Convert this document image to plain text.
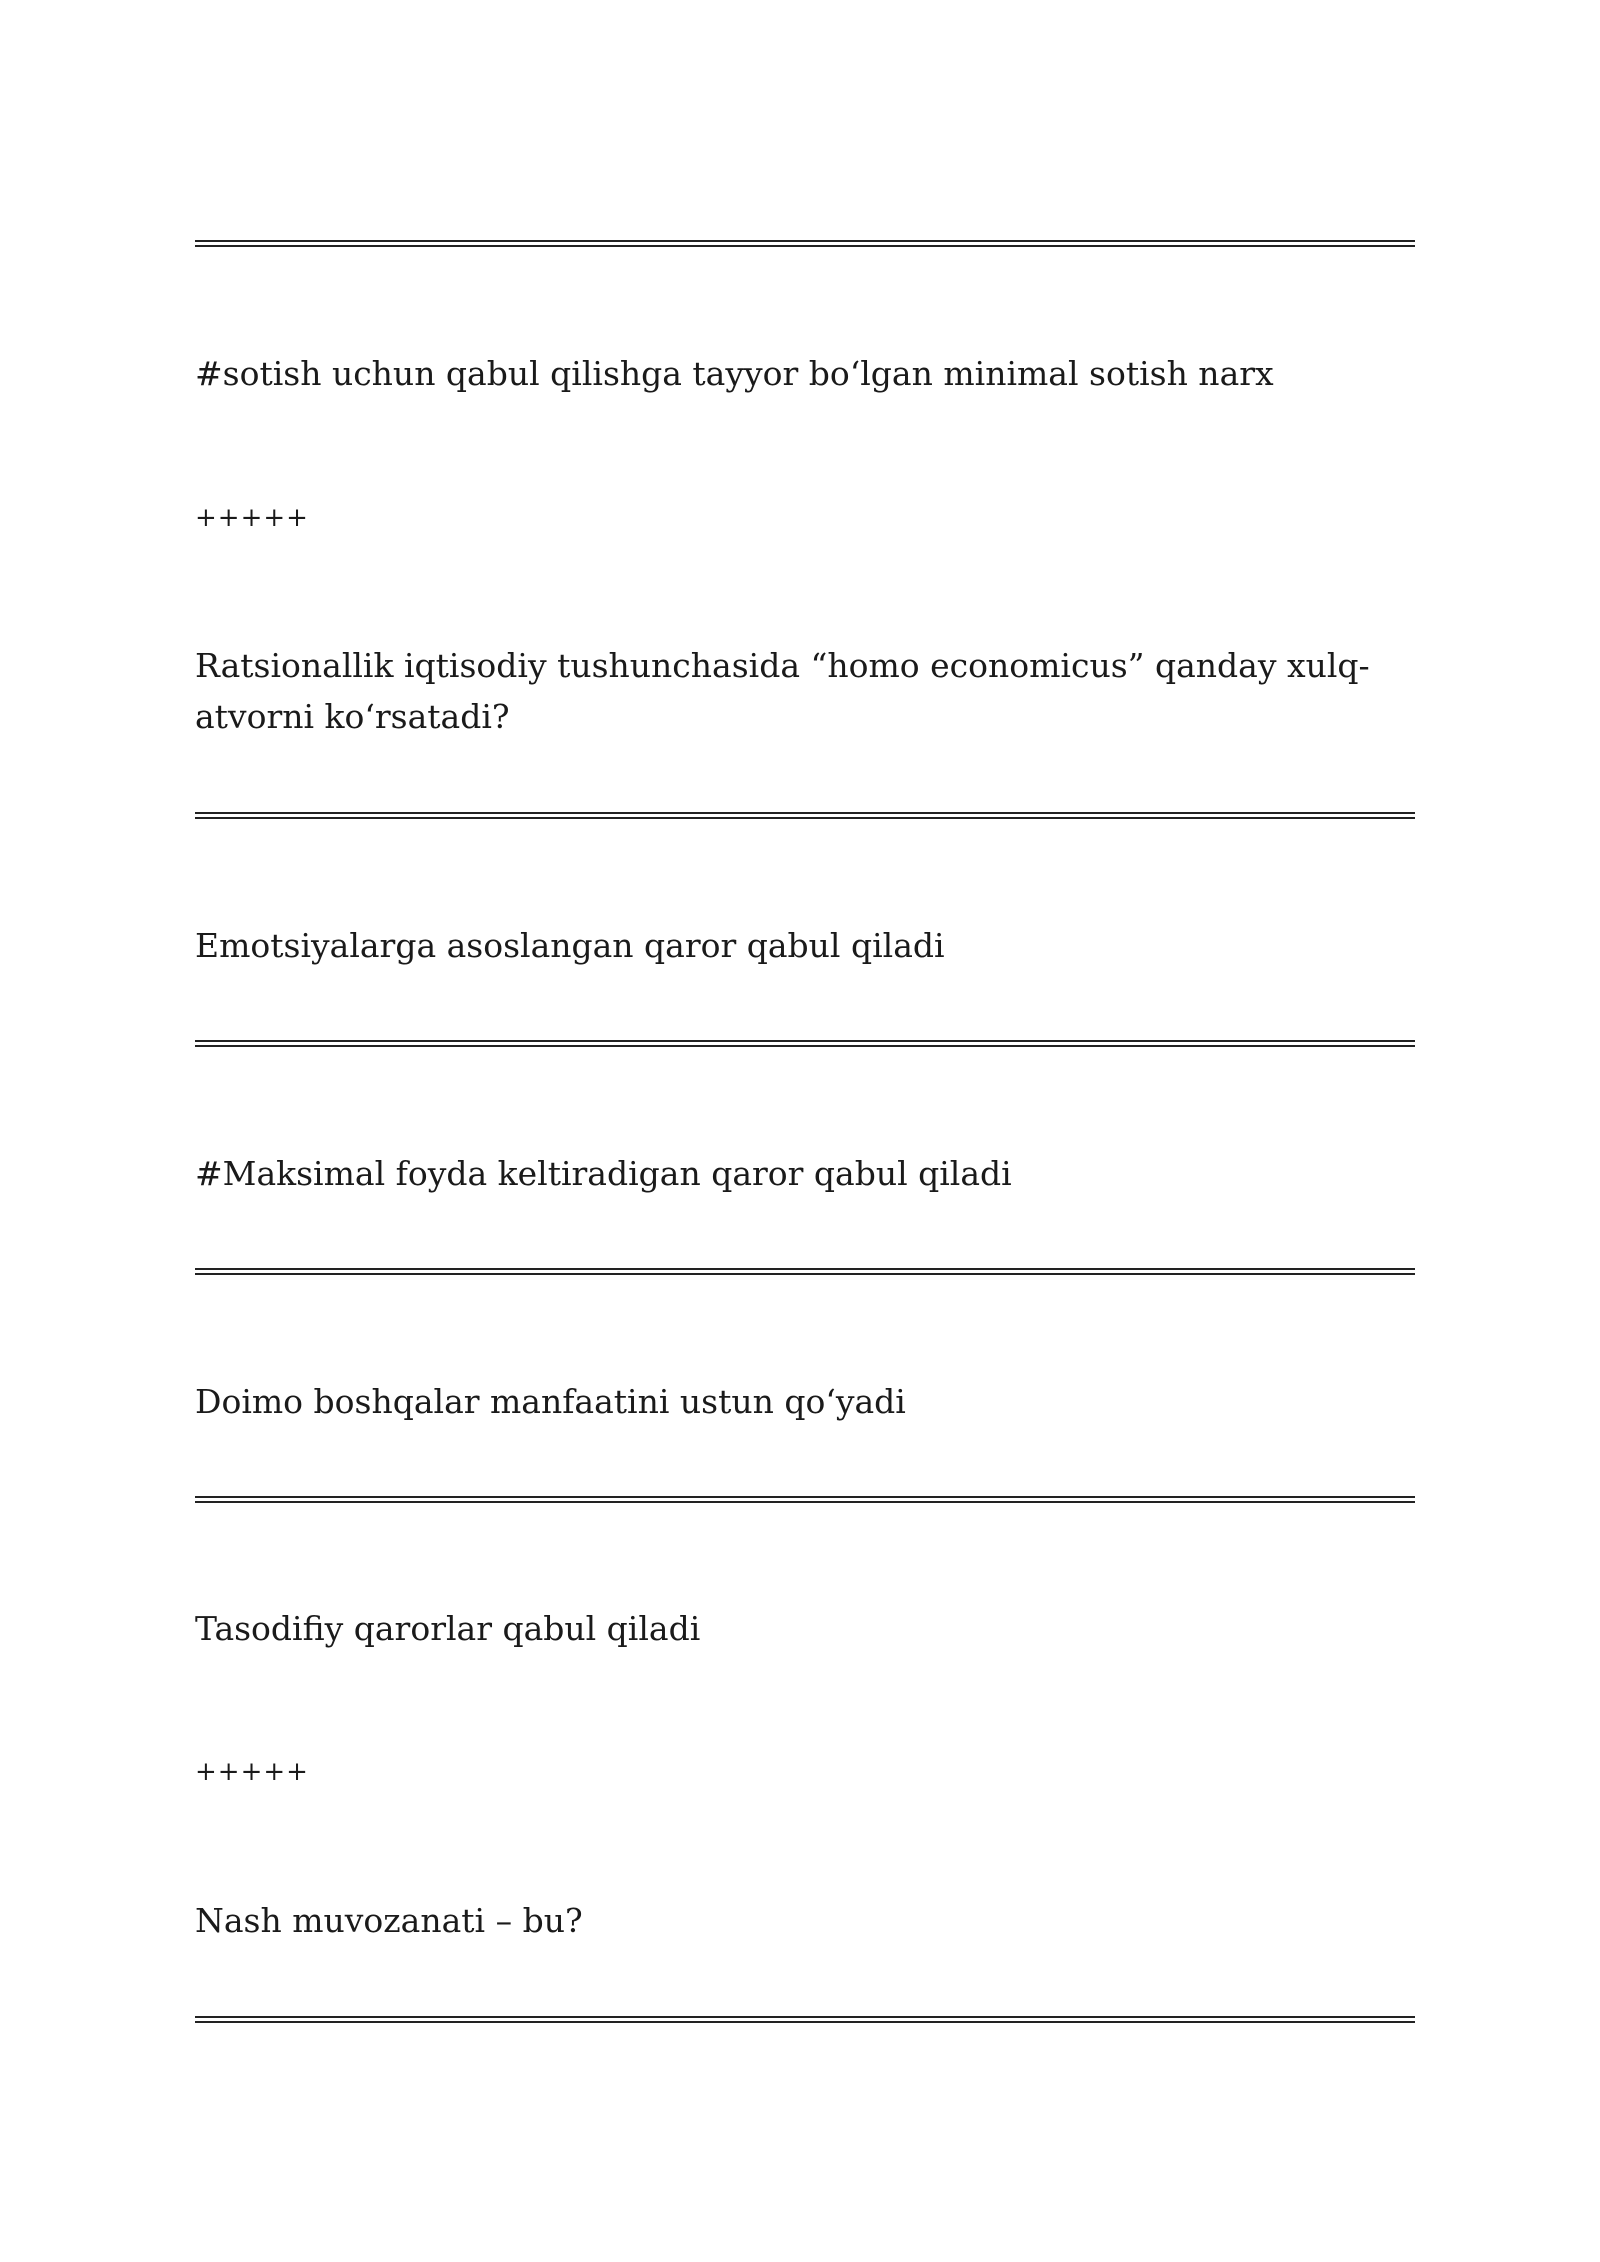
#sotish uchun qabul qilishga tayyor bo‘lgan minimal sotish narx
+++++
Ratsionallik iqtisodiy tushunchasida “homo economicus” qanday xulq-atvorni ko‘rsatadi?
Emotsiyalarga asoslangan qaror qabul qiladi
#Maksimal foyda keltiradigan qaror qabul qiladi
Doimo boshqalar manfaatini ustun qo‘yadi
Tasodifiy qarorlar qabul qiladi
+++++
Nash muvozanati – bu?
